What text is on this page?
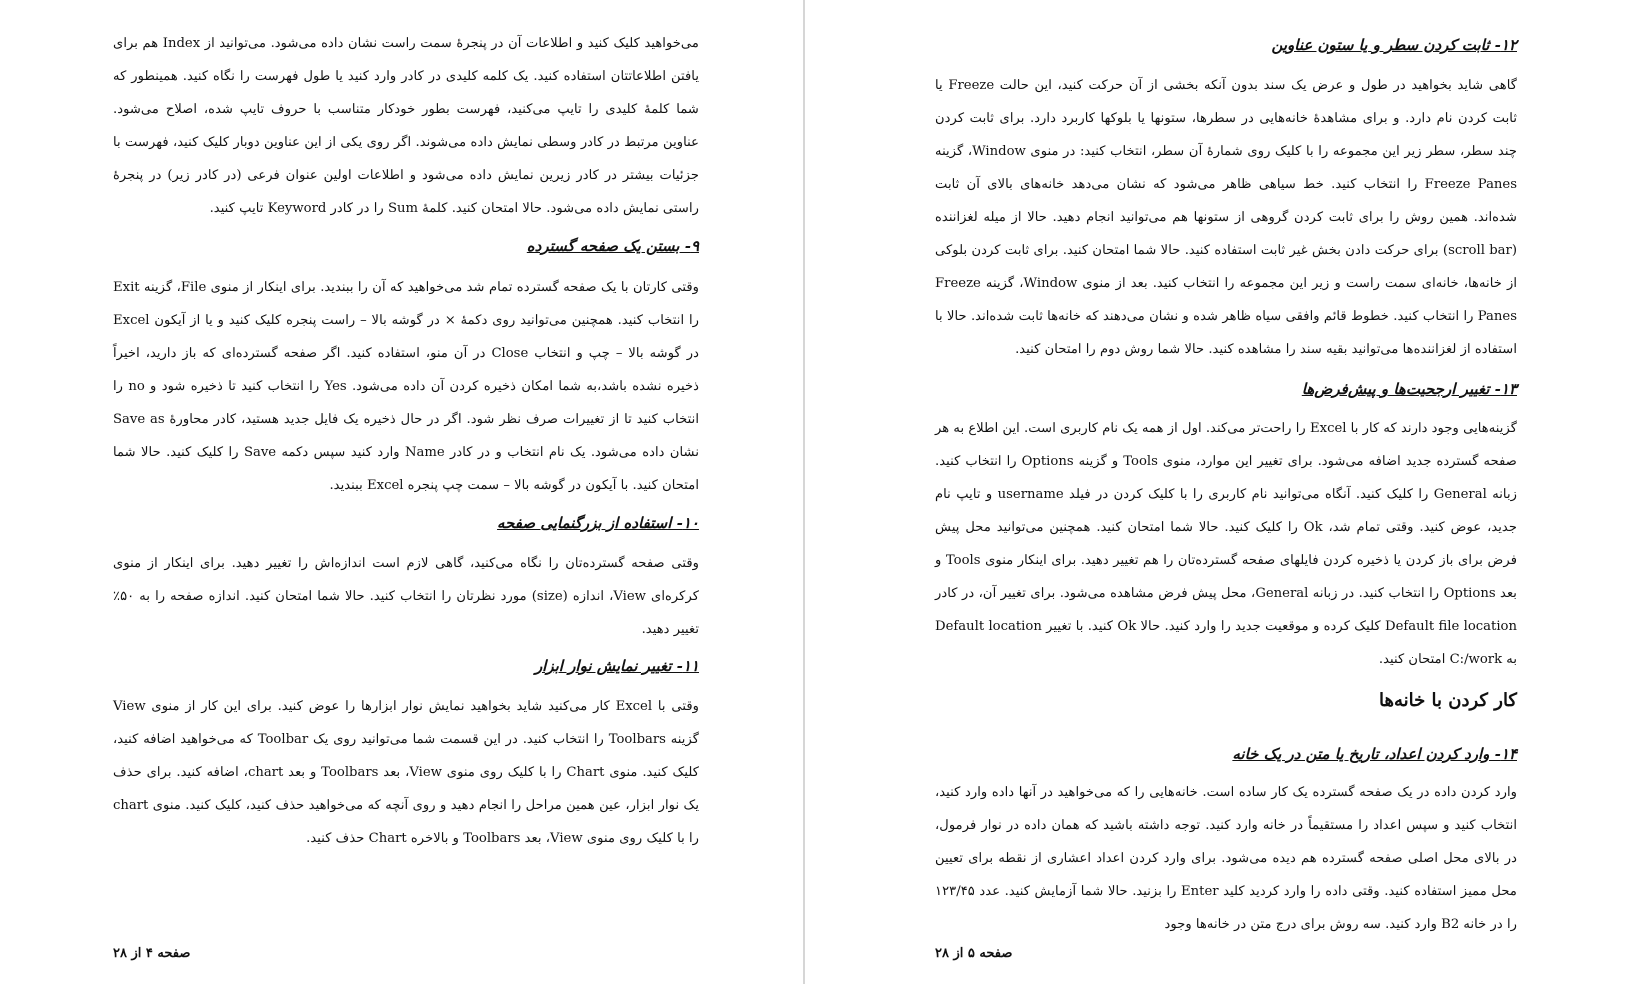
می‌خواهید کلیک کنید و اطلاعات آن در پنجرهٔ سمت راست نشان داده می‌شود. می‌توانید از Index هم برای یافتن اطلاعاتتان استفاده کنید. یک کلمه کلیدی در کادر وارد کنید یا طول فهرست را نگاه کنید. همینطور که شما کلمهٔ کلیدی را تایپ می‌کنید، فهرست بطور خودکار متناسب با حروف تایپ شده، اصلاح می‌شود. عناوین مرتبط در کادر وسطی نمایش داده می‌شوند. اگر روی یکی از این عناوین دوبار کلیک کنید، فهرست با جزئیات بیشتر در کادر زیرین نمایش داده می‌شود و اطلاعات اولین عنوان فرعی (در کادر زیر) در پنجرهٔ راستی نمایش داده می‌شود. حالا امتحان کنید. کلمهٔ Sum را در کادر Keyword تایپ کنید.

۹- بستن یک صفحه گسترده

وقتی کارتان با یک صفحه گسترده تمام شد می‌خواهید که آن را ببندید. برای اینکار از منوی File، گزینه Exit را انتخاب کنید. همچنین می‌توانید روی دکمهٔ × در گوشه بالا – راست پنجره کلیک کنید و یا از آیکون Excel در گوشه بالا – چپ و انتخاب Close در آن منو، استفاده کنید. اگر صفحه گسترده‌ای که باز دارید، اخیراً ذخیره نشده باشد،به شما امکان ذخیره کردن آن داده می‌شود. Yes را انتخاب کنید تا ذخیره شود و no را انتخاب کنید تا از تغییرات صرف نظر شود. اگر در حال ذخیره یک فایل جدید هستید، کادر محاورهٔ Save as نشان داده می‌شود. یک نام انتخاب و در کادر Name وارد کنید سپس دکمه Save را کلیک کنید. حالا شما امتحان کنید. با آیکون در گوشه بالا – سمت چپ پنجره Excel ببندید.

۱۰- استفاده از بزرگنمایی صفحه

وقتی صفحه گسترده‌تان را نگاه می‌کنید، گاهی لازم است اندازه‌اش را تغییر دهید. برای اینکار از منوی کرکره‌ای View، اندازه (size) مورد نظرتان را انتخاب کنید. حالا شما امتحان کنید. اندازه صفحه را به ۵۰٪ تغییر دهید.

۱۱- تغییر نمایش نوار ابزار

وقتی با Excel کار می‌کنید شاید بخواهید نمایش نوار ابزارها را عوض کنید. برای این کار از منوی View گزینه Toolbars را انتخاب کنید. در این قسمت شما می‌توانید روی یک Toolbar که می‌خواهید اضافه کنید، کلیک کنید. منوی Chart را با کلیک روی منوی View، بعد Toolbars و بعد chart، اضافه کنید. برای حذف یک نوار ابزار، عین همین مراحل را انجام دهید و روی آنچه که می‌خواهید حذف کنید، کلیک کنید. منوی chart را با کلیک روی منوی View، بعد Toolbars و بالاخره Chart حذف کنید.

صفحه ۴ از ۲۸

۱۲- ثابت کردن سطر و یا ستون عناوین

گاهی شاید بخواهید در طول و عرض یک سند بدون آنکه بخشی از آن حرکت کنید، این حالت Freeze یا ثابت کردن نام دارد. و برای مشاهدهٔ خانه‌هایی در سطرها، ستونها یا بلوکها کاربرد دارد. برای ثابت کردن چند سطر، سطر زیر این مجموعه را با کلیک روی شمارهٔ آن سطر، انتخاب کنید: در منوی Window، گزینه Freeze Panes را انتخاب کنید. خط سیاهی ظاهر می‌شود که نشان می‌دهد خانه‌های بالای آن ثابت شده‌اند. همین روش را برای ثابت کردن گروهی از ستونها هم می‌توانید انجام دهید. حالا از میله لغزاننده (scroll bar) برای حرکت دادن بخش غیر ثابت استفاده کنید. حالا شما امتحان کنید. برای ثابت کردن بلوکی از خانه‌ها، خانه‌ای سمت راست و زیر این مجموعه را انتخاب کنید. بعد از منوی Window، گزینه Freeze Panes را انتخاب کنید. خطوط قائم وافقی سیاه ظاهر شده و نشان می‌دهند که خانه‌ها ثابت شده‌اند. حالا با استفاده از لغزاننده‌ها می‌توانید بقیه سند را مشاهده کنید. حالا شما روش دوم را امتحان کنید.

۱۳- تغییر ارجحیت‌ها و پیش‌فرض‌ها

گزینه‌هایی وجود دارند که کار با Excel را راحت‌تر می‌کند. اول از همه یک نام کاربری است. این اطلاع به هر صفحه گسترده جدید اضافه می‌شود. برای تغییر این موارد، منوی Tools و گزینه Options را انتخاب کنید. زبانه General را کلیک کنید. آنگاه می‌توانید نام کاربری را با کلیک کردن در فیلد username و تایپ نام جدید، عوض کنید. وقتی تمام شد، Ok را کلیک کنید. حالا شما امتحان کنید. همچنین می‌توانید محل پیش فرض برای باز کردن یا ذخیره کردن فایلهای صفحه گسترده‌تان را هم تغییر دهید. برای اینکار منوی Tools و بعد Options را انتخاب کنید. در زبانه General، محل پیش فرض مشاهده می‌شود. برای تغییر آن، در کادر Default file location کلیک کرده و موقعیت جدید را وارد کنید. حالا Ok کنید. با تغییر Default location به C:/work امتحان کنید.

کار کردن با خانه‌ها

۱۴- وارد کردن اعداد، تاریخ یا متن در یک خانه

وارد کردن داده در یک صفحه گسترده یک کار ساده است. خانه‌هایی را که می‌خواهید در آنها داده وارد کنید، انتخاب کنید و سپس اعداد را مستقیماً در خانه وارد کنید. توجه داشته باشید که همان داده در نوار فرمول، در بالای محل اصلی صفحه گسترده هم دیده می‌شود. برای وارد کردن اعداد اعشاری از نقطه برای تعیین محل ممیز استفاده کنید. وقتی داده را وارد کردید کلید Enter را بزنید. حالا شما آزمایش کنید. عدد ۱۲۳/۴۵ را در خانه B2 وارد کنید. سه روش برای درج متن در خانه‌ها وجود

صفحه ۵ از ۲۸
